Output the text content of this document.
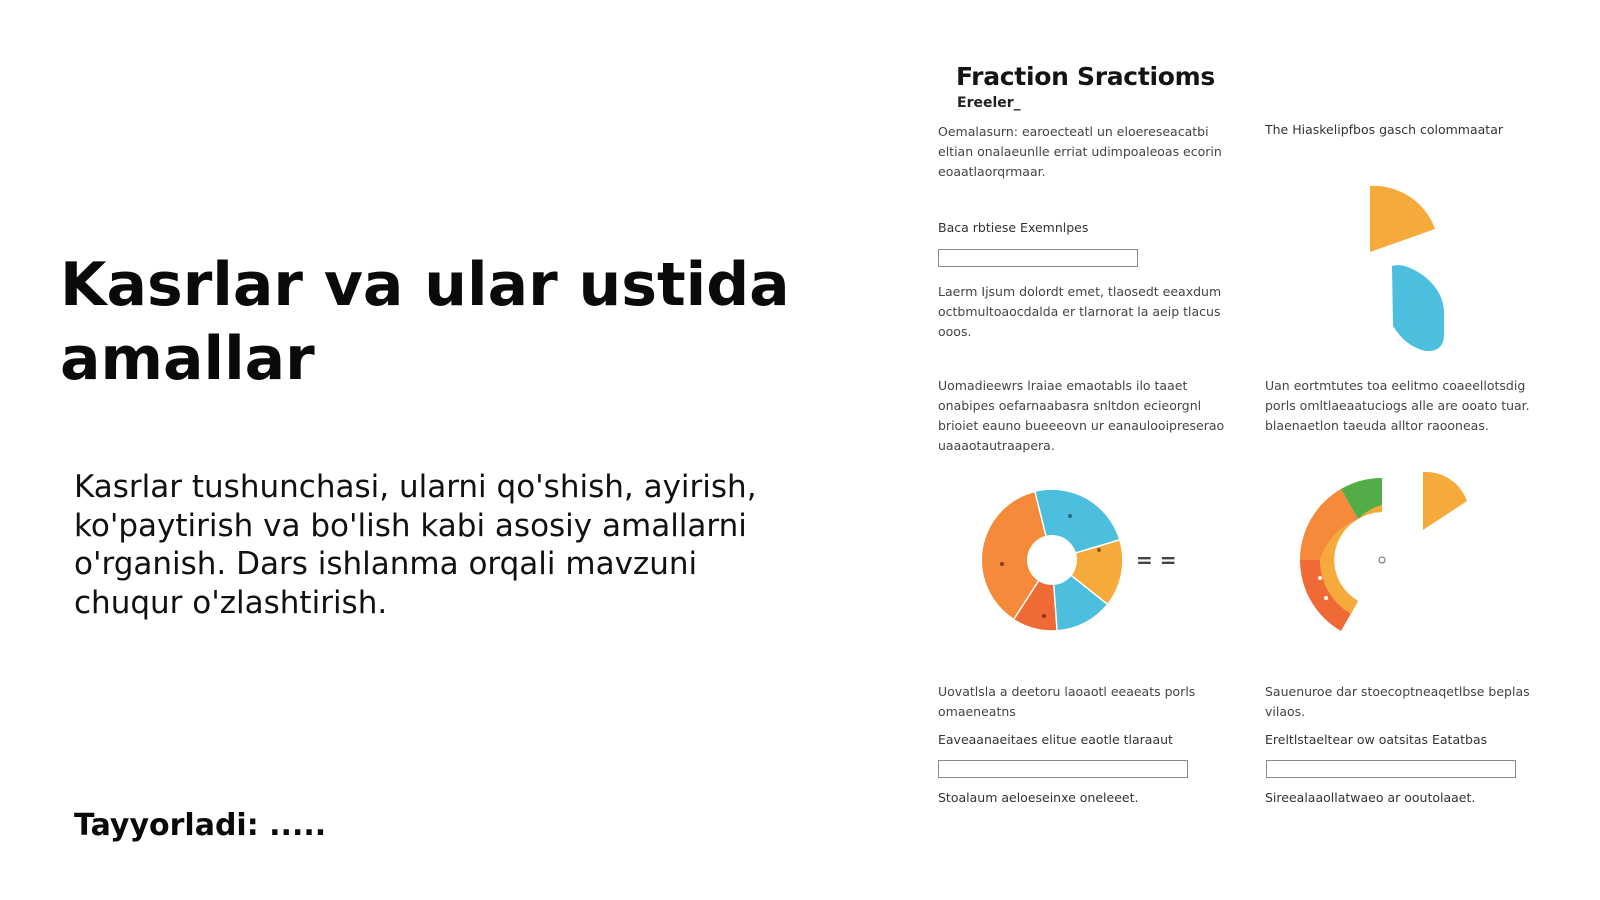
Kasrlar va ular ustida amallar

Kasrlar tushunchasi, ularni qo'shish, ayirish, ko'paytirish va bo'lish kabi asosiy amallarni o'rganish. Dars ishlanma orqali mavzuni chuqur o'zlashtirish.

Tayyorladi: .....

Fraction Sractioms
Ereeler_
Oemalasurn: earoecteatl un eloereseacatbi eltian onalaeunlle erriat udimpoaleoas ecorin eoaatlaorqrmaar.
The Hiaskelipfbos gasch colommaatar
Baca rbtiese Exemnlpes
Laerm Ijsum dolordt emet, tlaosedt eeaxdum octbmultoaocdalda er tlarnorat la aeip tlacus ooos.
Uomadieewrs lraiae emaotabls ilo taaet onabipes oefarnaabasra snltdon ecieorgnl brioiet eauno bueeeovn ur eanaulooipreserao uaaaotautraapera.
Uan eortmtutes toa eelitmo coaeellotsdig porls omltlaeaatuciogs alle are ooato tuar. blaenaetlon taeuda alltor raooneas.
= =
Uovatlsla a deetoru laoaotl eeaeats porls omaeneatns
Sauenuroe dar stoecoptneaqetlbse beplas vilaos.
Eaveaanaeitaes elitue eaotle tlaraaut	Ereltlstaeltear ow oatsitas Eatatbas
Stoalaum aeloeseinxe oneleeet.	Sireealaaollatwaeo ar ooutolaaet.
